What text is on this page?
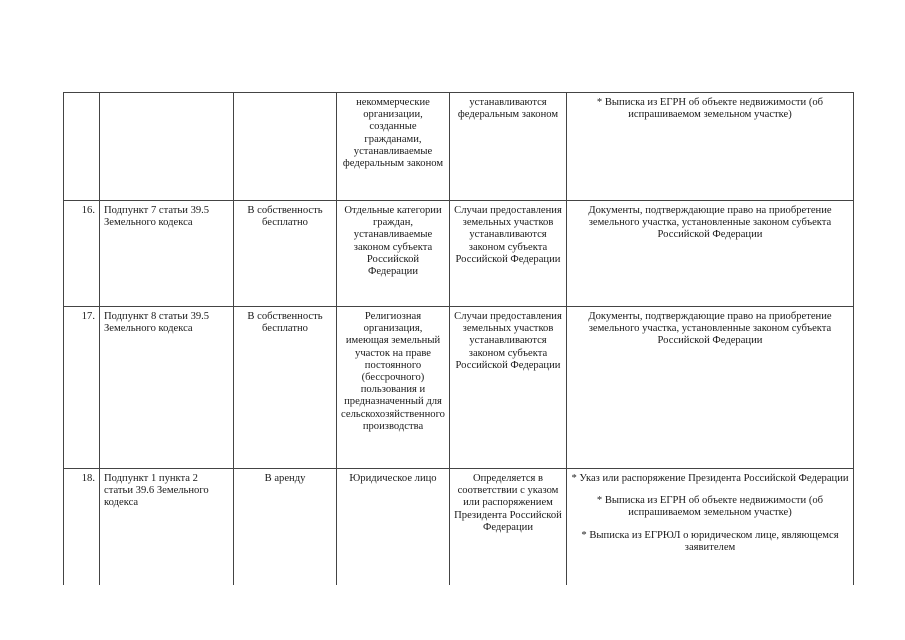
			некоммерческие организации, созданные гражданами, устанавливаемые федеральным законом	устанавливаются федеральным законом	* Выписка из ЕГРН об объекте недвижимости (об испрашиваемом земельном участке)

16.	Подпункт 7 статьи 39.5 Земельного кодекса	В собственность бесплатно	Отдельные категории граждан, устанавливаемые законом субъекта Российской Федерации	Случаи предоставления земельных участков устанавливаются законом субъекта Российской Федерации	Документы, подтверждающие право на приобретение земельного участка, установленные законом субъекта Российской Федерации

17.	Подпункт 8 статьи 39.5 Земельного кодекса	В собственность бесплатно	Религиозная организация, имеющая земельный участок на праве постоянного (бессрочного) пользования и предназначенный для сельскохозяйственного производства	Случаи предоставления земельных участков устанавливаются законом субъекта Российской Федерации	Документы, подтверждающие право на приобретение земельного участка, установленные законом субъекта Российской Федерации

18.	Подпункт 1 пункта 2 статьи 39.6 Земельного кодекса	В аренду	Юридическое лицо	Определяется в соответствии с указом или распоряжением Президента Российской Федерации	* Указ или распоряжение Президента Российской Федерации
* Выписка из ЕГРН об объекте недвижимости (об испрашиваемом земельном участке)
* Выписка из ЕГРЮЛ о юридическом лице, являющемся заявителем
